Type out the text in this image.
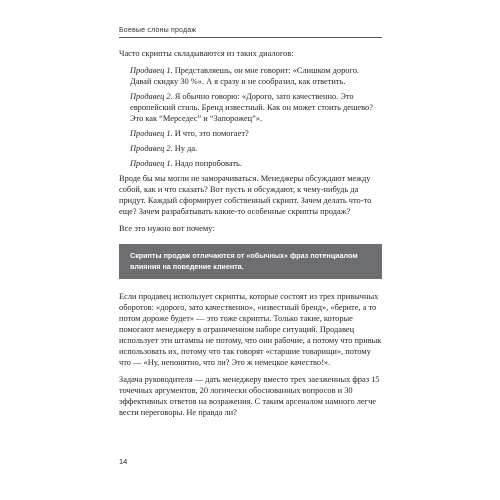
Боевые слоны продаж

Часто скрипты складываются из таких диалогов:

Продавец 1. Представляешь, он мне говорит: «Слишком дорого. Давай скидку 30 %». А я сразу и не сообразил, как ответить.

Продавец 2. Я обычно говорю: «Дорого, зато качественно. Это европейский стиль. Бренд известный. Как он может стоить дешево? Это как “Мерседес” и “Запорожец”».

Продавец 1. И что, это помогает?

Продавец 2. Ну да.

Продавец 1. Надо попробовать.

Вроде бы мы могли не заморачиваться. Менеджеры обсуждают между собой, как и что сказать? Вот пусть и обсуждают, к чему-нибудь да придут. Каждый сформирует собственный скрипт. Зачем делать что-то еще? Зачем разрабатывать какие-то особенные скрипты продаж?

Все это нужно вот почему:

Скрипты продаж отличаются от «обычных» фраз потенциалом влияния на поведение клиента.

Если продавец использует скрипты, которые состоят из трех привычных оборотов: «дорого, зато качественно», «известный бренд», «берите, а то потом дороже будет» — это тоже скрипты. Только такие, которые помогают менеджеру в ограниченном наборе ситуаций. Продавец использует эти штампы не потому, что они рабочие, а потому что привык использовать их, потому что так говорят «старшие товарищи», потому что — «Ну, непонятно, что ли? Это ж немецкое качество!».

Задача руководителя — дать менеджеру вместо трех заезженных фраз 15 точечных аргументов, 20 логически обоснованных вопросов и 30 эффективных ответов на возражения. С таким арсеналом намного легче вести переговоры. Не правда ли?

14
